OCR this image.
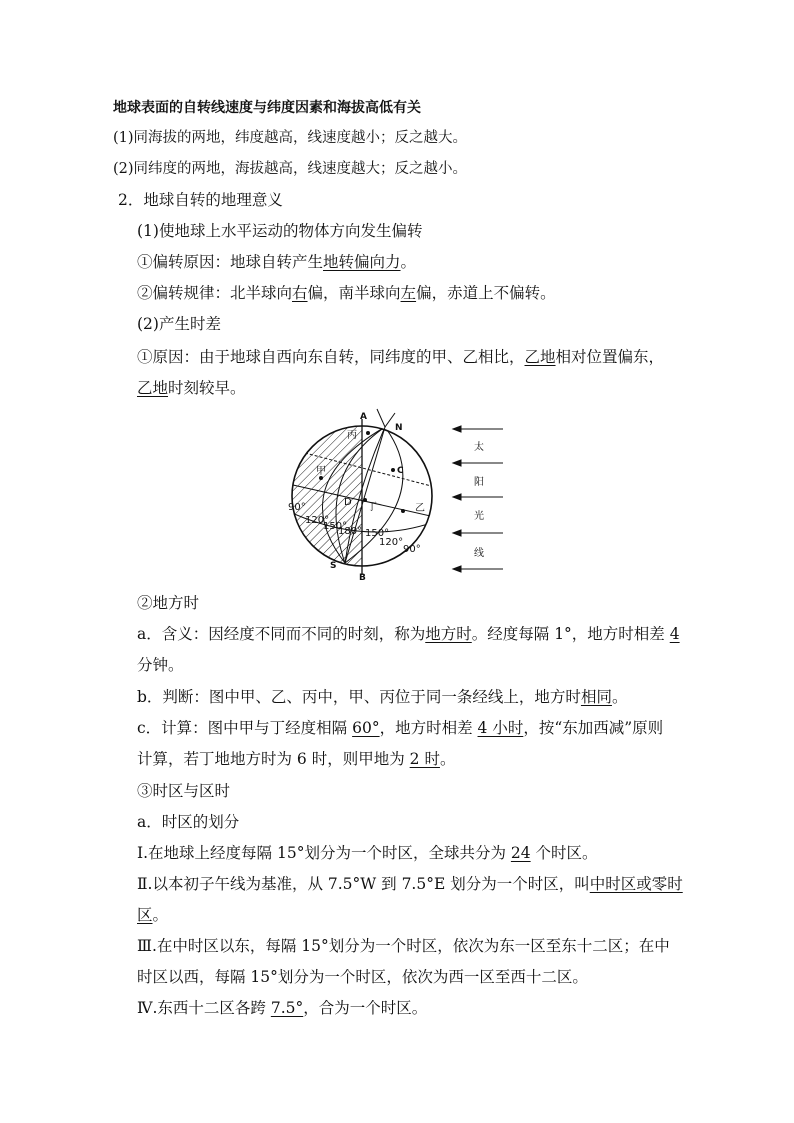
地球表面的自转线速度与纬度因素和海拔高低有关
(1)同海拔的两地，纬度越高，线速度越小；反之越大。
(2)同纬度的两地，海拔越高，线速度越大；反之越小。
2．地球自转的地理意义
(1)使地球上水平运动的物体方向发生偏转
①偏转原因：地球自转产生地转偏向力。
②偏转规律：北半球向右偏，南半球向左偏，赤道上不偏转。
(2)产生时差
①原因：由于地球自西向东自转，同纬度的甲、乙相比，乙地相对位置偏东，
乙地时刻较早。
A
B
N
S
C
丙
甲
乙
丁
D
90°
120°
150°
180° 150°
120°
90°
太
阳
光
线
②地方时
a．含义：因经度不同而不同的时刻，称为地方时。经度每隔 1°，地方时相差 4
分钟。
b．判断：图中甲、乙、丙中，甲、丙位于同一条经线上，地方时相同。
c．计算：图中甲与丁经度相隔 60°，地方时相差 4 小时，按“东加西减”原则
计算，若丁地地方时为 6 时，则甲地为 2 时。
③时区与区时
a．时区的划分
Ⅰ.在地球上经度每隔 15°划分为一个时区，全球共分为 24 个时区。
Ⅱ.以本初子午线为基准，从 7.5°W 到 7.5°E 划分为一个时区，叫中时区或零时
区。
Ⅲ.在中时区以东，每隔 15°划分为一个时区，依次为东一区至东十二区；在中
时区以西，每隔 15°划分为一个时区，依次为西一区至西十二区。
Ⅳ.东西十二区各跨 7.5°，合为一个时区。
